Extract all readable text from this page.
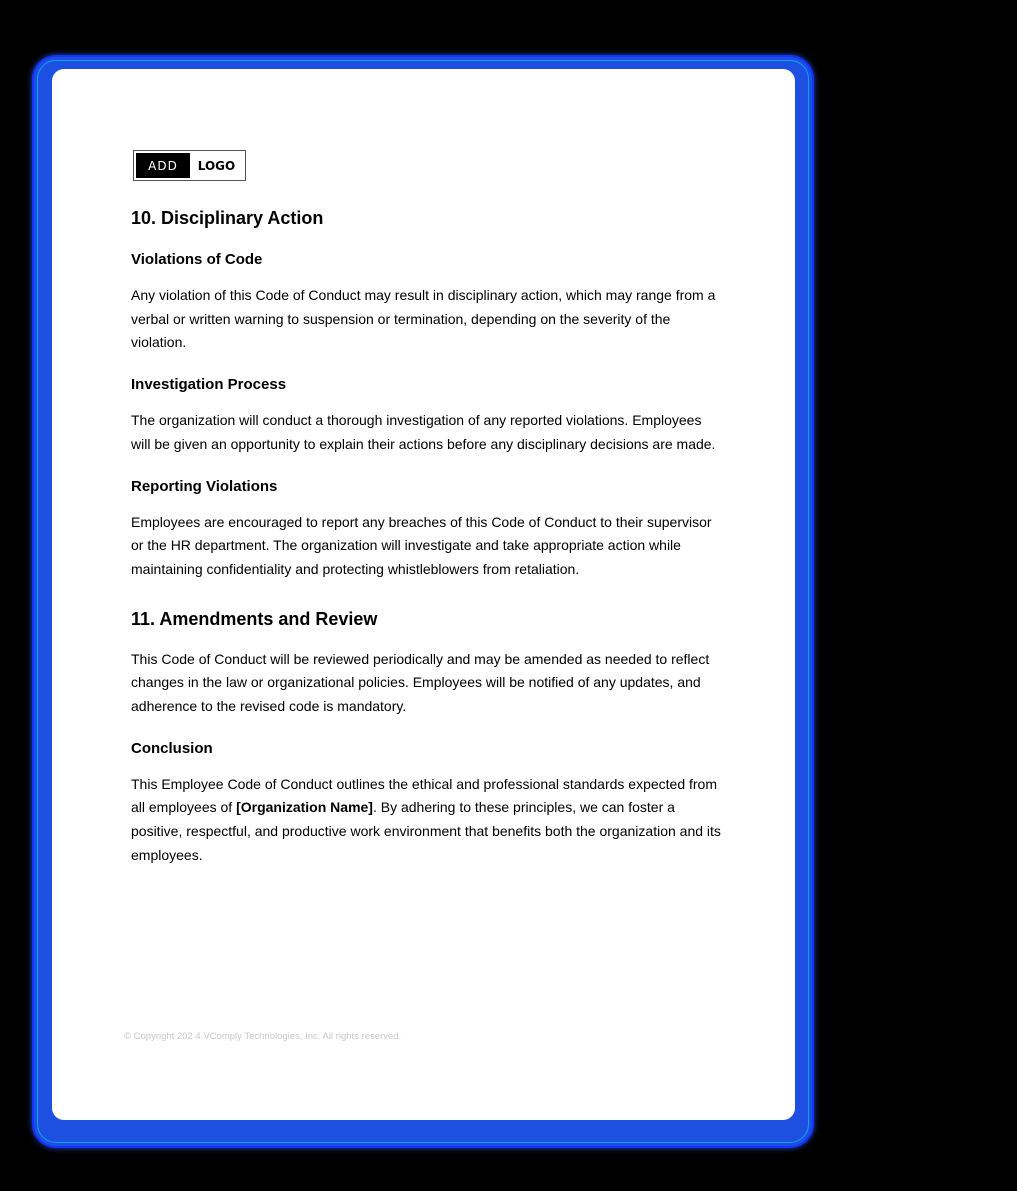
ADD	LOGO
10. Disciplinary Action
Violations of Code

Any violation of this Code of Conduct may result in disciplinary action, which may range from a verbal or written warning to suspension or termination, depending on the severity of the violation.

Investigation Process

The organization will conduct a thorough investigation of any reported violations. Employees will be given an opportunity to explain their actions before any disciplinary decisions are made.

Reporting Violations

Employees are encouraged to report any breaches of this Code of Conduct to their supervisor or the HR department. The organization will investigate and take appropriate action while maintaining confidentiality and protecting whistleblowers from retaliation.

11. Amendments and Review

This Code of Conduct will be reviewed periodically and may be amended as needed to reflect changes in the law or organizational policies. Employees will be notified of any updates, and adherence to the revised code is mandatory.

Conclusion

This Employee Code of Conduct outlines the ethical and professional standards expected from all employees of [Organization Name]. By adhering to these principles, we can foster a positive, respectful, and productive work environment that benefits both the organization and its employees.

© Copyright 202 4 VComply Technologies, Inc. All rights reserved.
